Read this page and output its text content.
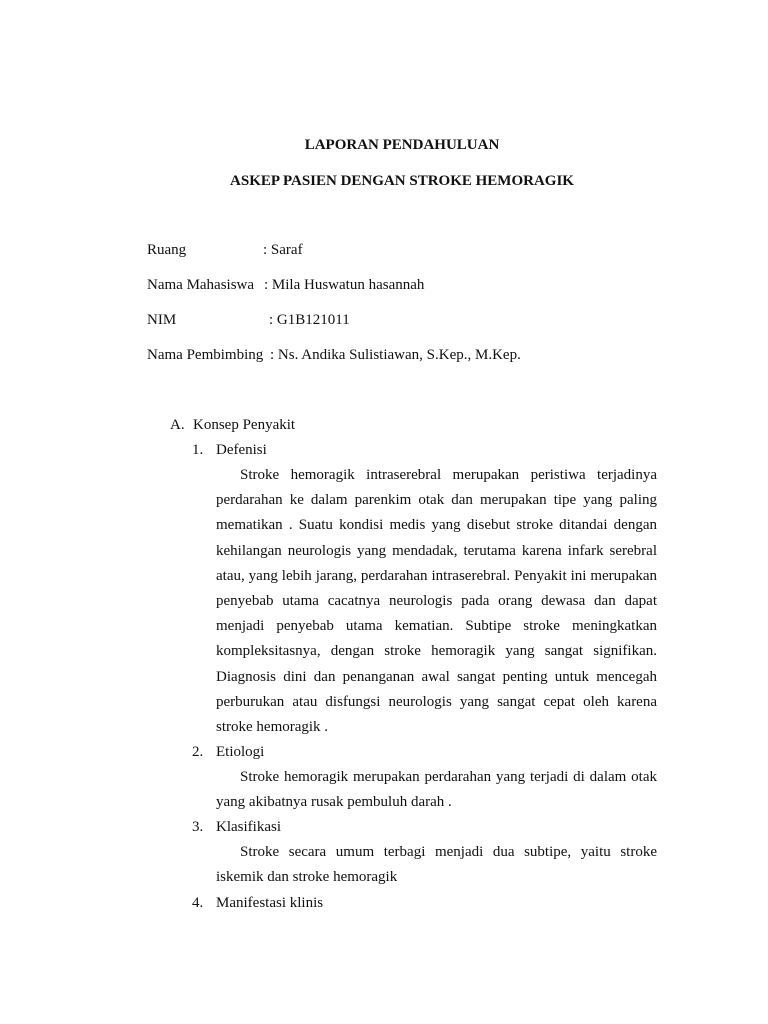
LAPORAN PENDAHULUAN
ASKEP PASIEN DENGAN STROKE HEMORAGIK
Ruang	: Saraf
Nama Mahasiswa : Mila Huswatun hasannah
NIM	: G1B121011
Nama Pembimbing : Ns. Andika Sulistiawan, S.Kep., M.Kep.
A. Konsep Penyakit
1. Defenisi

Stroke hemoragik intraserebral merupakan peristiwa terjadinya perdarahan ke dalam parenkim otak dan merupakan tipe yang paling mematikan . Suatu kondisi medis yang disebut stroke ditandai dengan kehilangan neurologis yang mendadak, terutama karena infark serebral atau, yang lebih jarang, perdarahan intraserebral. Penyakit ini merupakan penyebab utama cacatnya neurologis pada orang dewasa dan dapat menjadi penyebab utama kematian. Subtipe stroke meningkatkan kompleksitasnya, dengan stroke hemoragik yang sangat signifikan. Diagnosis dini dan penanganan awal sangat penting untuk mencegah perburukan atau disfungsi neurologis yang sangat cepat oleh karena stroke hemoragik .

2. Etiologi

Stroke hemoragik merupakan perdarahan yang terjadi di dalam otak yang akibatnya rusak pembuluh darah .

3. Klasifikasi

Stroke secara umum terbagi menjadi dua subtipe, yaitu stroke iskemik dan stroke hemoragik

4. Manifestasi klinis
